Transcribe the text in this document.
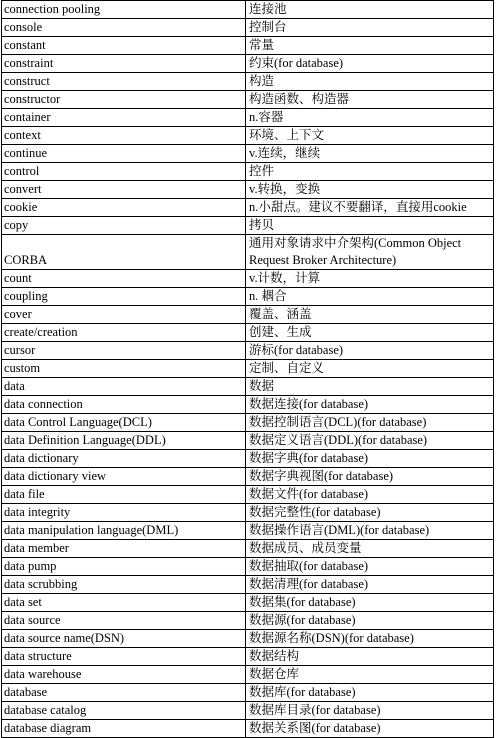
connection pooling	连接池
console	控制台
constant	常量
constraint	约束(for database)
construct	构造
constructor	构造函数、构造器
container	n.容器
context	环境、上下文
continue	v.连续，继续
control	控件
convert	v.转换，变换
cookie	n.小甜点。建议不要翻译，直接用cookie
copy	拷贝
CORBA	通用对象请求中介架构(Common Object Request Broker Architecture)
count	v.计数，计算
coupling	n. 耦合
cover	覆盖、涵盖
create/creation	创建、生成
cursor	游标(for database)
custom	定制、自定义
data	数据
data connection	数据连接(for database)
data Control Language(DCL)	数据控制语言(DCL)(for database)
data Definition Language(DDL)	数据定义语言(DDL)(for database)
data dictionary	数据字典(for database)
data dictionary view	数据字典视图(for database)
data file	数据文件(for database)
data integrity	数据完整性(for database)
data manipulation language(DML)	数据操作语言(DML)(for database)
data member	数据成员、成员变量
data pump	数据抽取(for database)
data scrubbing	数据清理(for database)
data set	数据集(for database)
data source	数据源(for database)
data source name(DSN)	数据源名称(DSN)(for database)
data structure	数据结构
data warehouse	数据仓库
database	数据库(for database)
database catalog	数据库目录(for database)
database diagram	数据关系图(for database)
